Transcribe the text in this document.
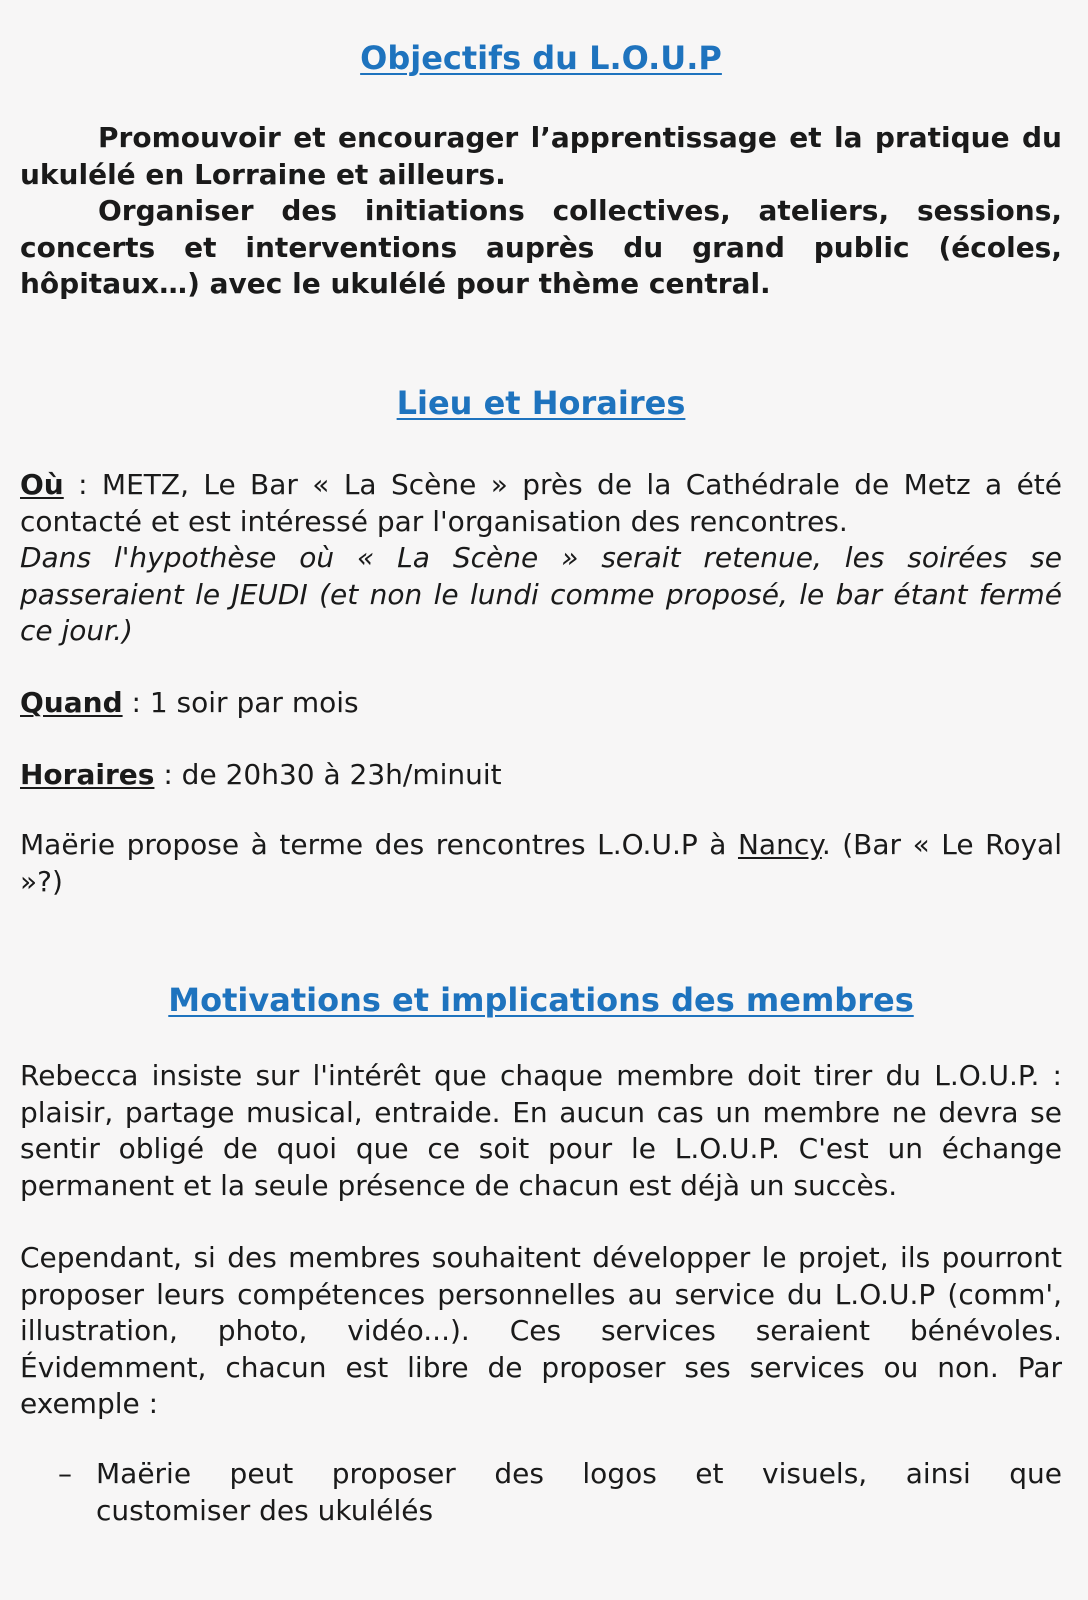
Objectifs du L.O.U.P

Promouvoir et encourager l’apprentissage et la pratique du ukulélé en Lorraine et ailleurs.

Organiser des initiations collectives, ateliers, sessions, concerts et interventions auprès du grand public (écoles, hôpitaux…) avec le ukulélé pour thème central.

Lieu et Horaires

Où : METZ, Le Bar « La Scène » près de la Cathédrale de Metz a été contacté et est intéressé par l'organisation des rencontres.

Dans l'hypothèse où « La Scène » serait retenue, les soirées se passeraient le JEUDI (et non le lundi comme proposé, le bar étant fermé ce jour.)

Quand : 1 soir par mois

Horaires : de 20h30 à 23h/minuit

Maërie propose à terme des rencontres L.O.U.P à Nancy. (Bar « Le Royal »?)

Motivations et implications des membres

Rebecca insiste sur l'intérêt que chaque membre doit tirer du L.O.U.P. : plaisir, partage musical, entraide. En aucun cas un membre ne devra se sentir obligé de quoi que ce soit pour le L.O.U.P. C'est un échange permanent et la seule présence de chacun est déjà un succès.

Cependant, si des membres souhaitent développer le projet, ils pourront proposer leurs compétences personnelles au service du L.O.U.P (comm', illustration, photo, vidéo...). Ces services seraient bénévoles. Évidemment, chacun est libre de proposer ses services ou non. Par exemple :

– Maërie peut proposer des logos et visuels, ainsi que
customiser des ukulélés
